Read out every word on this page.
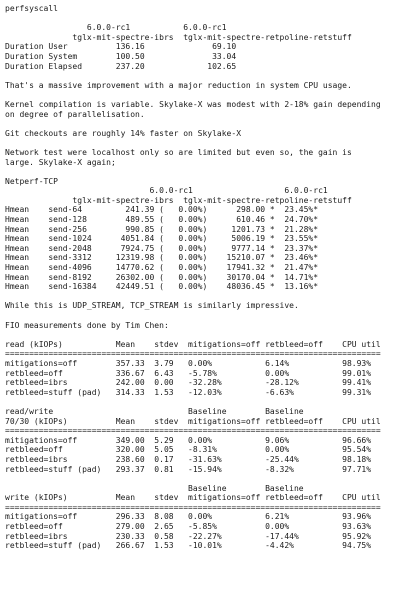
perfsyscall
6.0.0-rc1           6.0.0-rc1
tglx-mit-spectre-ibrs  tglx-mit-spectre-retpoline-retstuff
Duration User          136.16              69.10
Duration System        100.50              33.04
Duration Elapsed       237.20             102.65
That's a massive improvement with a major reduction in system CPU usage.
Kernel compilation is variable. Skylake-X was modest with 2-18% gain depending
on degree of parallelisation.
Git checkouts are roughly 14% faster on Skylake-X
Network test were localhost only so are limited but even so, the gain is
large. Skylake-X again;
Netperf-TCP
6.0.0-rc1                   6.0.0-rc1
tglx-mit-spectre-ibrs  tglx-mit-spectre-retpoline-retstuff
Hmean    send-64         241.39 (   0.00%)      298.00 *  23.45%*
Hmean    send-128        489.55 (   0.00%)      610.46 *  24.70%*
Hmean    send-256        990.85 (   0.00%)     1201.73 *  21.28%*
Hmean    send-1024      4051.84 (   0.00%)     5006.19 *  23.55%*
Hmean    send-2048      7924.75 (   0.00%)     9777.14 *  23.37%*
Hmean    send-3312     12319.98 (   0.00%)    15210.07 *  23.46%*
Hmean    send-4096     14770.62 (   0.00%)    17941.32 *  21.47%*
Hmean    send-8192     26302.00 (   0.00%)    30170.04 *  14.71%*
Hmean    send-16384    42449.51 (   0.00%)    48036.45 *  13.16%*
While this is UDP_STREAM, TCP_STREAM is similarly impressive.
FIO measurements done by Tim Chen:
read (kIOPs)           Mean    stdev  mitigations=off retbleed=off    CPU util
==============================================================================
mitigations=off        357.33  3.79   0.00%           6.14%           98.93%
retbleed=off           336.67  6.43   -5.78%          0.00%           99.01%
retbleed=ibrs          242.00  0.00   -32.28%         -28.12%         99.41%
retbleed=stuff (pad)   314.33  1.53   -12.03%         -6.63%          99.31%
read/write                            Baseline        Baseline
70/30 (kIOPs)          Mean    stdev  mitigations=off retbleed=off    CPU util
==============================================================================
mitigations=off        349.00  5.29   0.00%           9.06%           96.66%
retbleed=off           320.00  5.05   -8.31%          0.00%           95.54%
retbleed=ibrs          238.60  0.17   -31.63%         -25.44%         98.18%
retbleed=stuff (pad)   293.37  0.81   -15.94%         -8.32%          97.71%
Baseline        Baseline
write (kIOPs)          Mean    stdev  mitigations=off retbleed=off    CPU util
==============================================================================
mitigations=off        296.33  8.08   0.00%           6.21%           93.96%
retbleed=off           279.00  2.65   -5.85%          0.00%           93.63%
retbleed=ibrs          230.33  0.58   -22.27%         -17.44%         95.92%
retbleed=stuff (pad)   266.67  1.53   -10.01%         -4.42%          94.75%
